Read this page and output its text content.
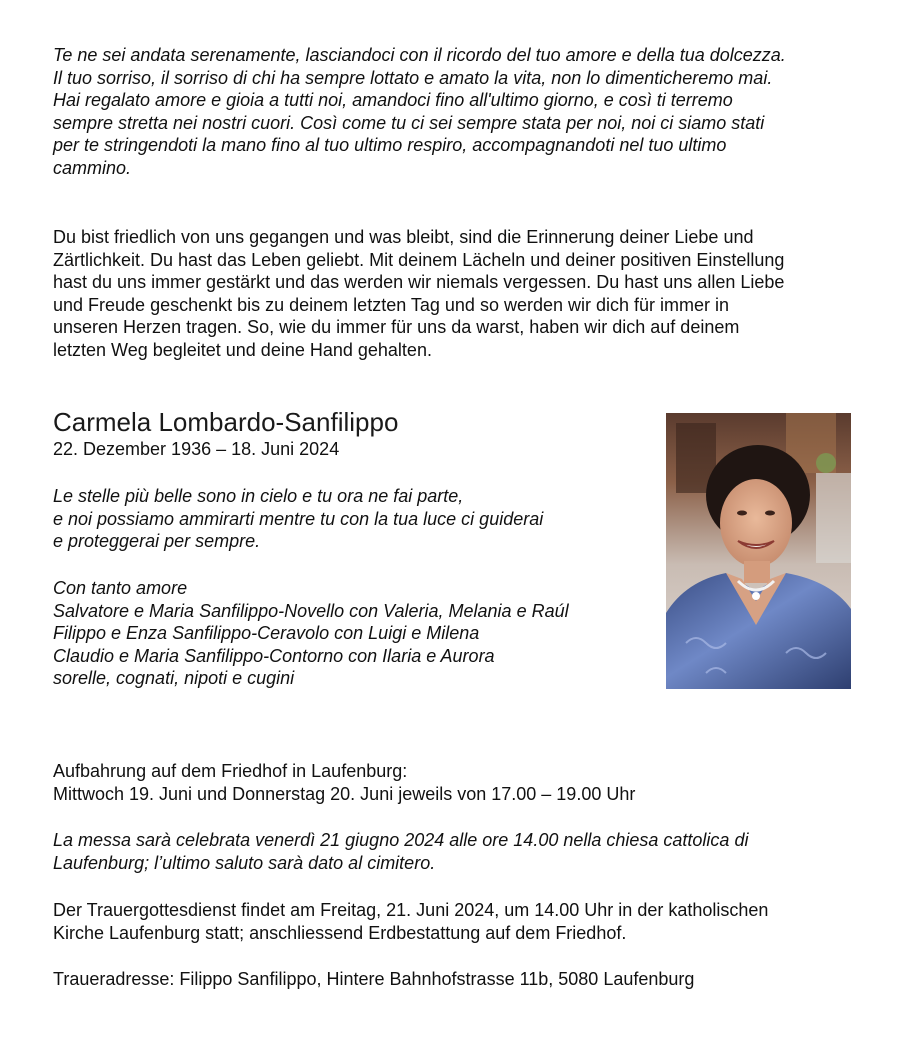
Te ne sei andata serenamente, lasciandoci con il ricordo del tuo amore e della tua dolcezza.
Il tuo sorriso, il sorriso di chi ha sempre lottato e amato la vita, non lo dimenticheremo mai.
Hai regalato amore e gioia a tutti noi, amandoci fino all'ultimo giorno, e così ti terremo
sempre stretta nei nostri cuori. Così come tu ci sei sempre stata per noi, noi ci siamo stati
per te stringendoti la mano fino al tuo ultimo respiro, accompagnandoti nel tuo ultimo
cammino.

Du bist friedlich von uns gegangen und was bleibt, sind die Erinnerung deiner Liebe und
Zärtlichkeit. Du hast das Leben geliebt. Mit deinem Lächeln und deiner positiven Einstellung
hast du uns immer gestärkt und das werden wir niemals vergessen. Du hast uns allen Liebe
und Freude geschenkt bis zu deinem letzten Tag und so werden wir dich für immer in
unseren Herzen tragen. So, wie du immer für uns da warst, haben wir dich auf deinem
letzten Weg begleitet und deine Hand gehalten.

Carmela Lombardo-Sanfilippo

22. Dezember 1936 – 18. Juni 2024

Le stelle più belle sono in cielo e tu ora ne fai parte,
e noi possiamo ammirarti mentre tu con la tua luce ci guiderai
e proteggerai per sempre.

Con tanto amore
Salvatore e Maria Sanfilippo-Novello con Valeria, Melania e Raúl
Filippo e Enza Sanfilippo-Ceravolo con Luigi e Milena
Claudio e Maria Sanfilippo-Contorno con Ilaria e Aurora
sorelle, cognati, nipoti e cugini

Aufbahrung auf dem Friedhof in Laufenburg:
Mittwoch 19. Juni und Donnerstag 20. Juni jeweils von 17.00 – 19.00 Uhr

La messa sarà celebrata venerdì 21 giugno 2024 alle ore 14.00 nella chiesa cattolica di
Laufenburg; l’ultimo saluto sarà dato al cimitero.

Der Trauergottesdienst findet am Freitag, 21. Juni 2024, um 14.00 Uhr in der katholischen
Kirche Laufenburg statt; anschliessend Erdbestattung auf dem Friedhof.

Traueradresse: Filippo Sanfilippo, Hintere Bahnhofstrasse 11b, 5080 Laufenburg
